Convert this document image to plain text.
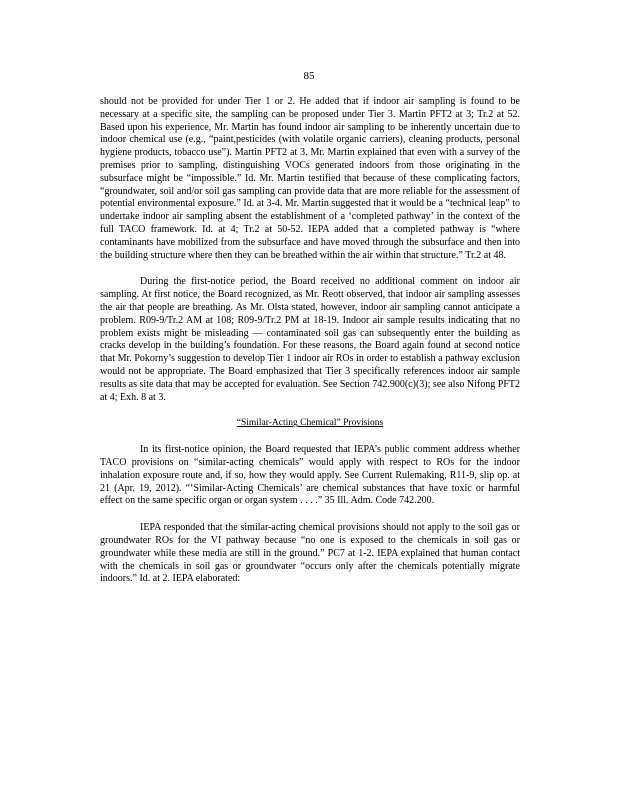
85

should not be provided for under Tier 1 or 2. He added that if indoor air sampling is found to be necessary at a specific site, the sampling can be proposed under Tier 3. Martin PFT2 at 3; Tr.2 at 52. Based upon his experience, Mr. Martin has found indoor air sampling to be inherently uncertain due to indoor chemical use (e.g., “paint,pesticides (with volatile organic carriers), cleaning products, personal hygiene products, tobacco use”). Martin PFT2 at 3. Mr. Martin explained that even with a survey of the premises prior to sampling, distinguishing VOCs generated indoors from those originating in the subsurface might be “impossible.” Id. Mr. Martin testified that because of these complicating factors, “groundwater, soil and/or soil gas sampling can provide data that are more reliable for the assessment of potential environmental exposure.” Id. at 3-4. Mr. Martin suggested that it would be a “technical leap” to undertake indoor air sampling absent the establishment of a ‘completed pathway’ in the context of the full TACO framework. Id. at 4; Tr.2 at 50-52. IEPA added that a completed pathway is “where contaminants have mobilized from the subsurface and have moved through the subsurface and then into the building structure where then they can be breathed within the air within that structure.” Tr.2 at 48.

During the first-notice period, the Board received no additional comment on indoor air sampling. At first notice, the Board recognized, as Mr. Reott observed, that indoor air sampling assesses the air that people are breathing. As Mr. Olsta stated, however, indoor air sampling cannot anticipate a problem. R09-9/Tr.2 AM at 108; R09-9/Tr.2 PM at 18-19. Indoor air sample results indicating that no problem exists might be misleading — contaminated soil gas can subsequently enter the building as cracks develop in the building’s foundation. For these reasons, the Board again found at second notice that Mr. Pokorny’s suggestion to develop Tier 1 indoor air ROs in order to establish a pathway exclusion would not be appropriate. The Board emphasized that Tier 3 specifically references indoor air sample results as site data that may be accepted for evaluation. See Section 742.900(c)(3); see also Nifong PFT2 at 4; Exh. 8 at 3.

“Similar-Acting Chemical” Provisions

In its first-notice opinion, the Board requested that IEPA’s public comment address whether TACO provisions on “similar-acting chemicals” would apply with respect to ROs for the indoor inhalation exposure route and, if so, how they would apply. See Current Rulemaking, R11-9, slip op. at 21 (Apr. 19, 2012). “‘Similar-Acting Chemicals’ are chemical substances that have toxic or harmful effect on the same specific organ or organ system . . . .” 35 Ill. Adm. Code 742.200.

IEPA responded that the similar-acting chemical provisions should not apply to the soil gas or groundwater ROs for the VI pathway because “no one is exposed to the chemicals in soil gas or groundwater while these media are still in the ground.” PC7 at 1-2. IEPA explained that human contact with the chemicals in soil gas or groundwater “occurs only after the chemicals potentially migrate indoors.” Id. at 2. IEPA elaborated:
